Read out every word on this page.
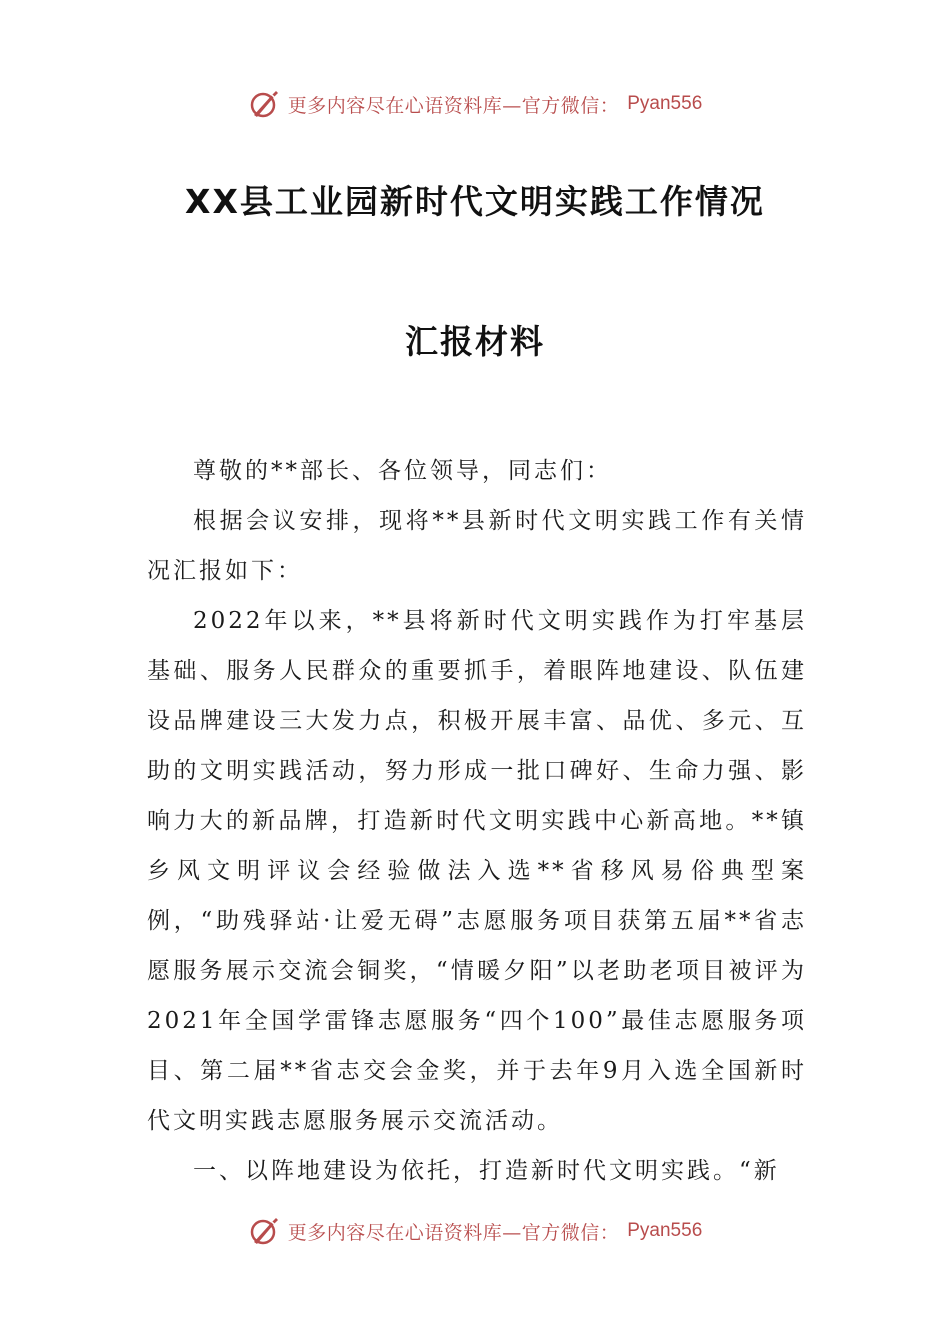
更多内容尽在心语资料库—官方微信： Pyan556
XX县工业园新时代文明实践工作情况
汇报材料

尊敬的**部长、各位领导，同志们：

根据会议安排，现将**县新时代文明实践工作有关情况汇报如下：

2022年以来，**县将新时代文明实践作为打牢基层基础、服务人民群众的重要抓手，着眼阵地建设、队伍建设品牌建设三大发力点，积极开展丰富、品优、多元、互助的文明实践活动，努力形成一批口碑好、生命力强、影响力大的新品牌，打造新时代文明实践中心新高地。**镇乡风文明评议会经验做法入选**省移风易俗典型案例，“助残驿站·让爱无碍”志愿服务项目获第五届**省志愿服务展示交流会铜奖，“情暖夕阳”以老助老项目被评为2021年全国学雷锋志愿服务“四个100”最佳志愿服务项目、第二届**省志交会金奖，并于去年9月入选全国新时代文明实践志愿服务展示交流活动。

一、以阵地建设为依托，打造新时代文明实践。“新

更多内容尽在心语资料库—官方微信： Pyan556
